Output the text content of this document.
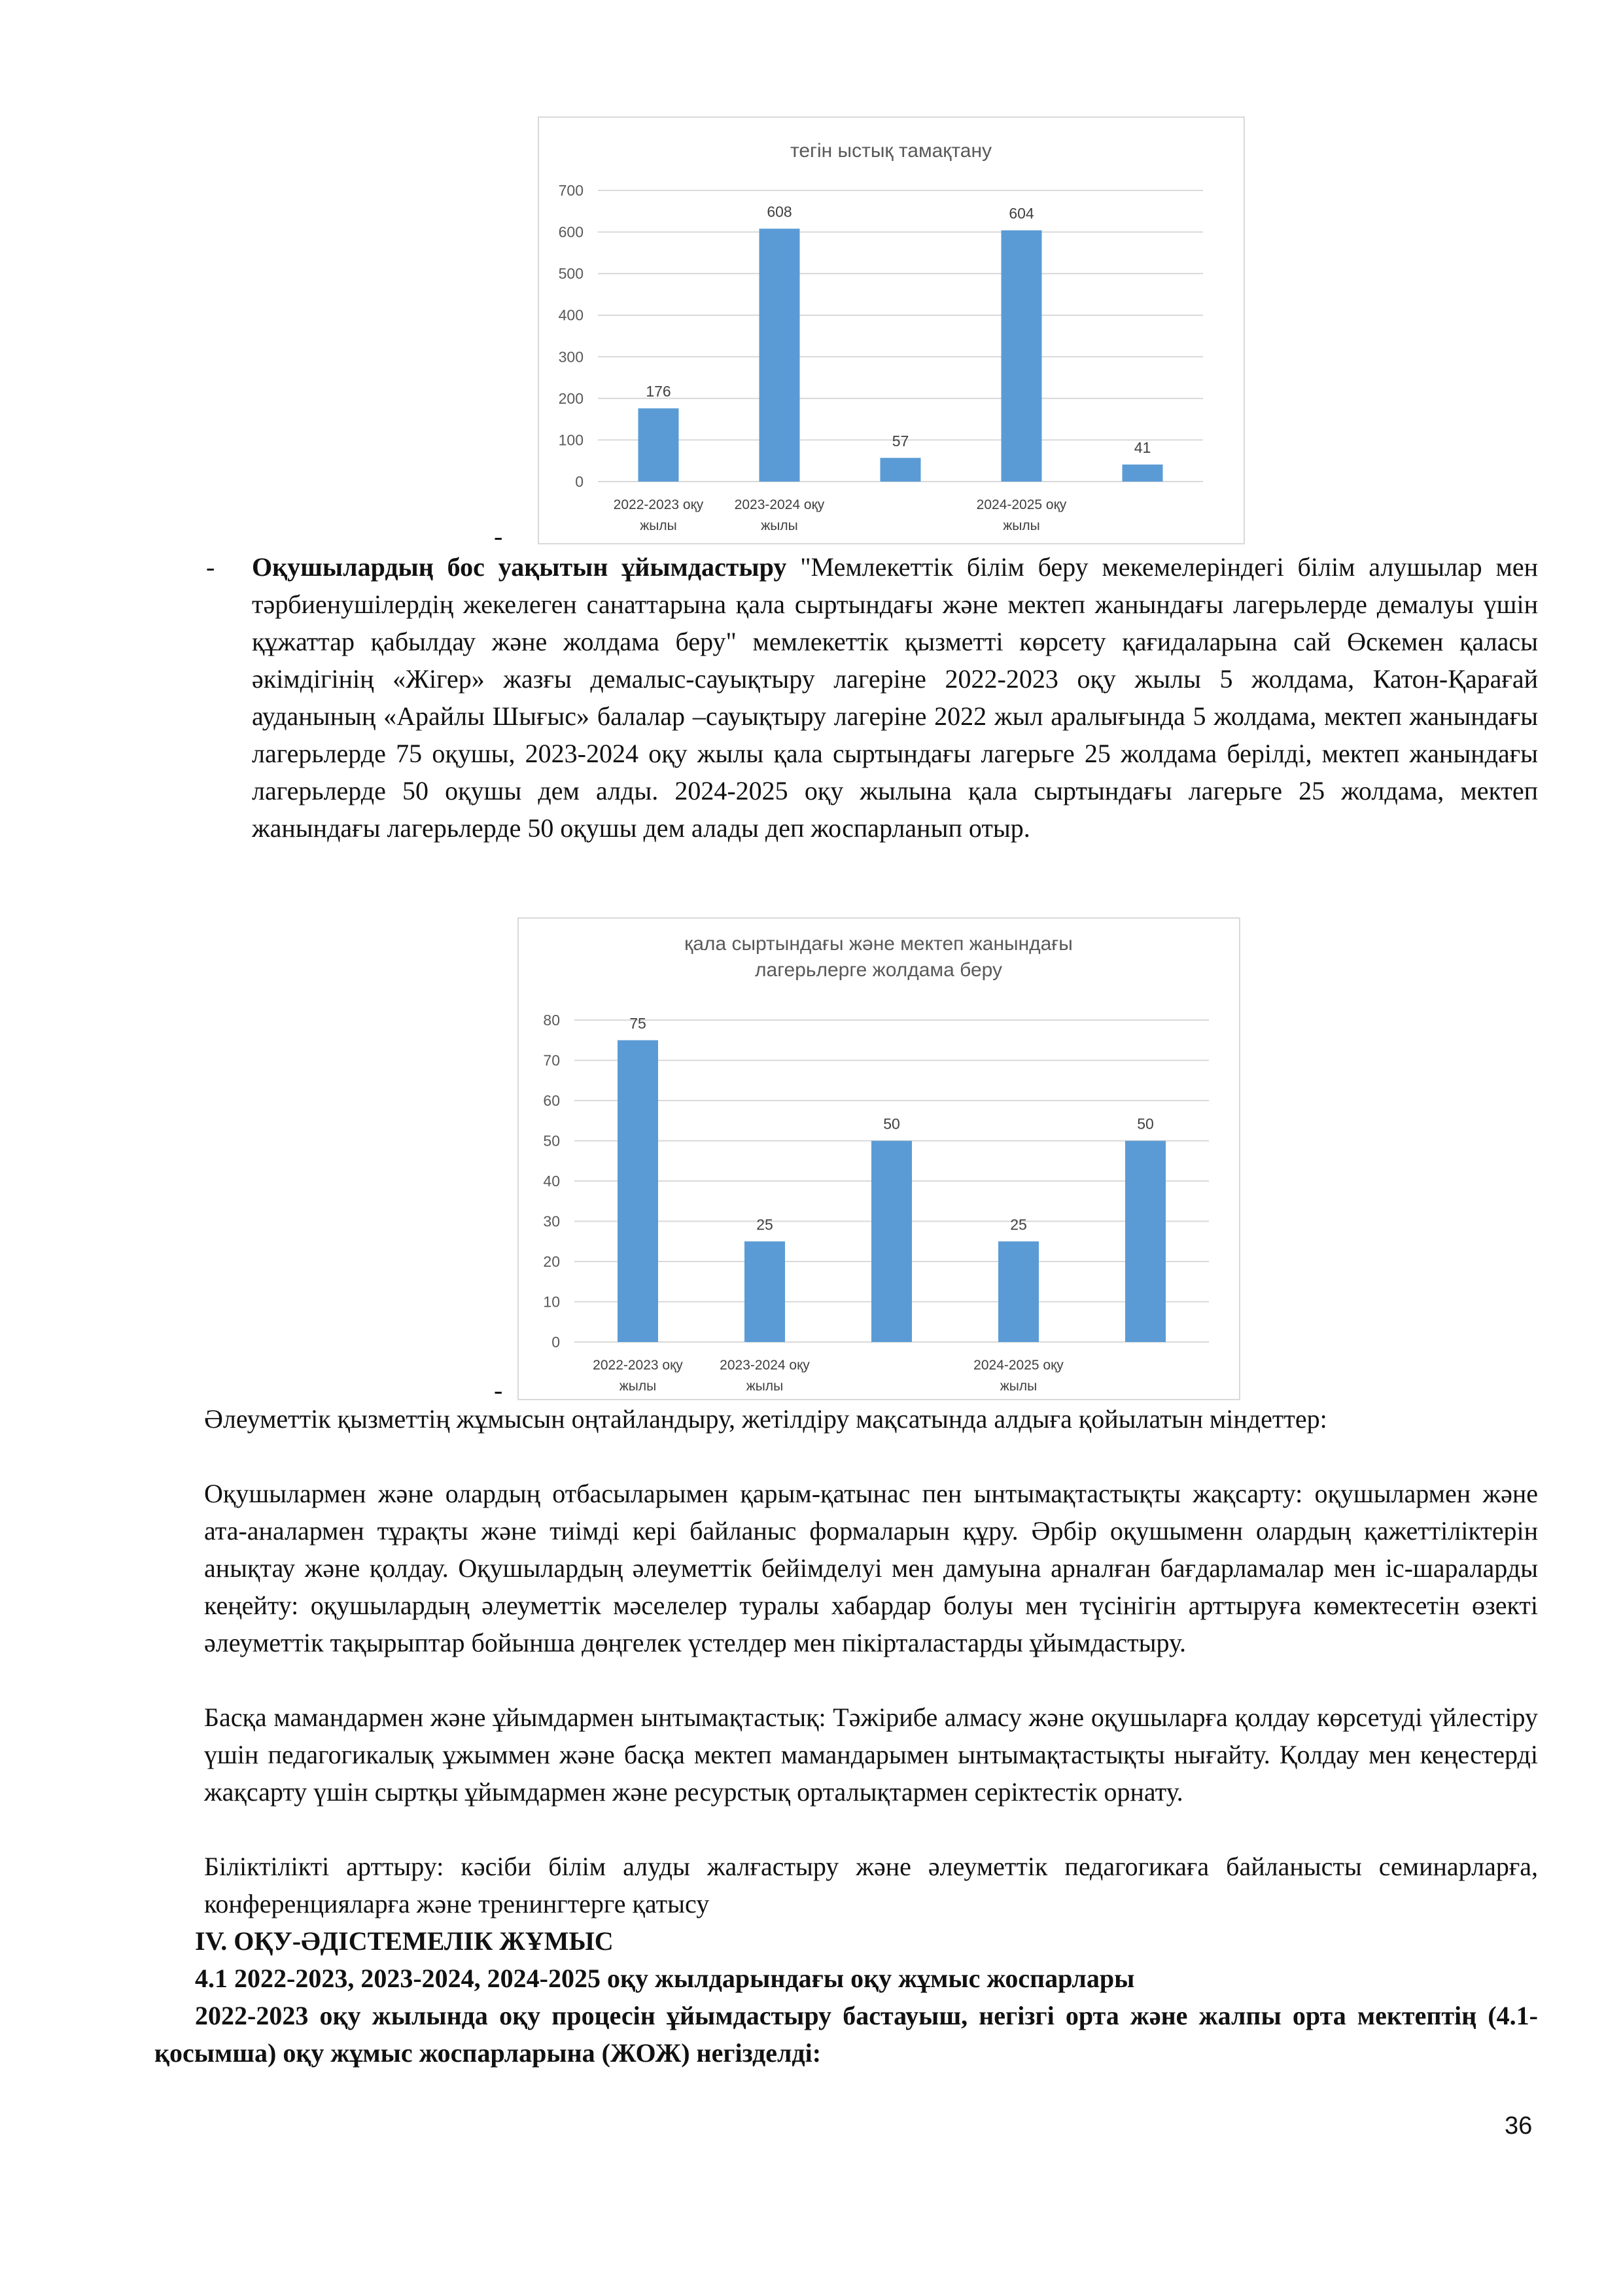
тегін ыстық тамақтану
700
600
500
400
300
200
100
0
176
608
57
604
41
2022-2023 оқу
жылы
2023-2024 оқу
жылы
2024-2025 оқу
жылы
-
- Оқушылардың бос уақытын ұйымдастыру "Мемлекеттік білім беру мекемелеріндегі білім алушылар мен тәрбиенушілердің жекелеген санаттарына қала сыртындағы және мектеп жанындағы лагерьлерде демалуы үшін құжаттар қабылдау және жолдама беру" мемлекеттік қызметті көрсету қағидаларына сай Өскемен қаласы әкімдігінің «Жігер» жазғы демалыс-сауықтыру лагеріне 2022-2023 оқу жылы 5 жолдама, Катон-Қарағай ауданының «Арайлы Шығыс» балалар –сауықтыру лагеріне 2022 жыл аралығында 5 жолдама, мектеп жанындағы лагерьлерде 75 оқушы, 2023-2024 оқу жылы қала сыртындағы лагерьге 25 жолдама берілді, мектеп жанындағы лагерьлерде 50 оқушы дем алды. 2024-2025 оқу жылына қала сыртындағы лагерьге 25 жолдама, мектеп жанындағы лагерьлерде 50 оқушы дем алады деп жоспарланып отыр.

қала сыртындағы және мектеп жанындағы
лагерьлерге жолдама беру
80
70
60
50
40
30
20
10
0
75
25
50
25
50
2022-2023 оқу
жылы
2023-2024 оқу
жылы
2024-2025 оқу
жылы
-

Әлеуметтік қызметтің жұмысын оңтайландыру, жетілдіру мақсатында алдыға қойылатын міндеттер:

Оқушылармен және олардың отбасыларымен қарым-қатынас пен ынтымақтастықты жақсарту: оқушылармен және ата-аналармен тұрақты және тиімді кері байланыс формаларын құру. Әрбір оқушыменн олардың қажеттіліктерін анықтау және қолдау. Оқушылардың әлеуметтік бейімделуі мен дамуына арналған бағдарламалар мен іс-шараларды кеңейту: оқушылардың әлеуметтік мәселелер туралы хабардар болуы мен түсінігін арттыруға көмектесетін өзекті әлеуметтік тақырыптар бойынша дөңгелек үстелдер мен пікірталастарды ұйымдастыру.

Басқа мамандармен және ұйымдармен ынтымақтастық: Тәжірибе алмасу және оқушыларға қолдау көрсетуді үйлестіру үшін педагогикалық ұжыммен және басқа мектеп мамандарымен ынтымақтастықты нығайту. Қолдау мен кеңестерді жақсарту үшін сыртқы ұйымдармен және ресурстық орталықтармен серіктестік орнату.

Біліктілікті арттыру: кәсіби білім алуды жалғастыру және әлеуметтік педагогикаға байланысты семинарларға, конференцияларға және тренингтерге қатысу

IV. ОҚУ-ӘДІСТЕМЕЛІК ЖҰМЫС

4.1 2022-2023, 2023-2024, 2024-2025 оқу жылдарындағы оқу жұмыс жоспарлары

2022-2023 оқу жылында оқу процесін ұйымдастыру бастауыш, негізгі орта және жалпы орта мектептің (4.1-қосымша) оқу жұмыс жоспарларына (ЖОЖ) негізделді:

36
